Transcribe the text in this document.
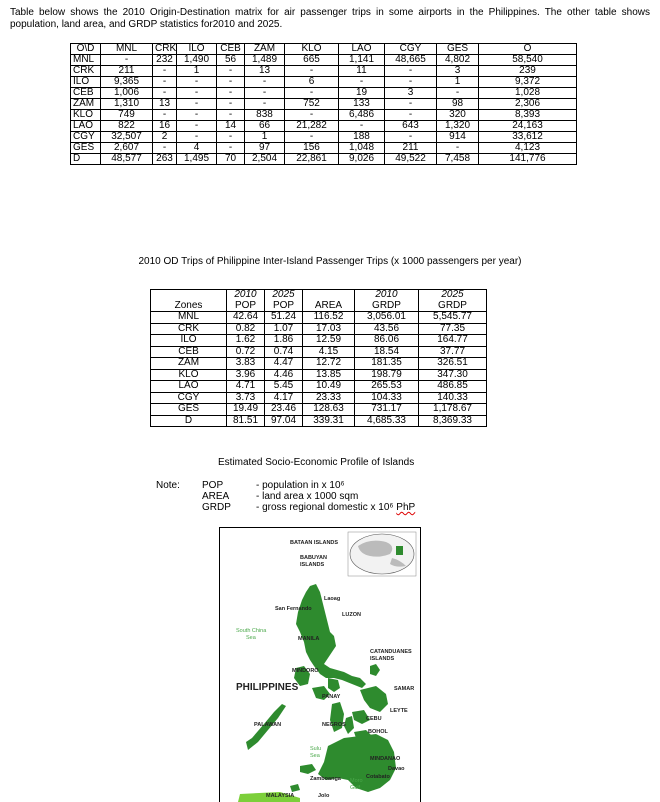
Table below shows the 2010 Origin-Destination matrix for air passenger trips in some airports in the Philippines. The other table shows population, land area, and GRDP statistics for2010 and 2025.
O\D	MNL	CRK	ILO	CEB	ZAM	KLO	LAO	CGY	GES	O
MNL	-	232	1,490	56	1,489	665	1,141	48,665	4,802	58,540
CRK	211	-	1	-	13	-	11	-	3	239
ILO	9,365	-	-	-	-	6	-	-	1	9,372
CEB	1,006	-	-	-	-	-	19	3	-	1,028
ZAM	1,310	13	-	-	-	752	133	-	98	2,306
KLO	749	-	-	-	838	-	6,486	-	320	8,393
LAO	822	16	-	14	66	21,282	-	643	1,320	24,163
CGY	32,507	2	-	-	1	-	188	-	914	33,612
GES	2,607	-	4	-	97	156	1,048	211	-	4,123
D	48,577	263	1,495	70	2,504	22,861	9,026	49,522	7,458	141,776
2010 OD Trips of Philippine Inter-Island Passenger Trips (x 1000 passengers per year)
	2010	2025		2010	2025
Zones	POP	POP	AREA	GRDP	GRDP
MNL	42.64	51.24	116.52	3,056.01	5,545.77
CRK	0.82	1.07	17.03	43.56	77.35
ILO	1.62	1.86	12.59	86.06	164.77
CEB	0.72	0.74	4.15	18.54	37.77
ZAM	3.83	4.47	12.72	181.35	326.51
KLO	3.96	4.46	13.85	198.79	347.30
LAO	4.71	5.45	10.49	265.53	486.85
CGY	3.73	4.17	23.33	104.33	140.33
GES	19.49	23.46	128.63	731.17	1,178.67
D	81.51	97.04	339.31	4,685.33	8,369.33
Estimated Socio-Economic Profile of Islands
Note: POP
AREA
GRDP
- population in x 10⁶
- land area x 1000 sqm
- gross regional domestic x 10⁶ PhP
BATAAN ISLANDS
BABUYAN
ISLANDS
Laoag
San Fernando
LUZON
MANILA
CATANDUANES
ISLANDS
MINDORO
SAMAR
PANAY
LEYTE
CEBU
BOHOL
PALAWAN	NEGROS
MINDANAO
Davao
Zamboanga	Cotabato
MALAYSIA	Jolo
South China
Sea
Sulu
Sea
Moro
Gulf
PHILIPPINES
